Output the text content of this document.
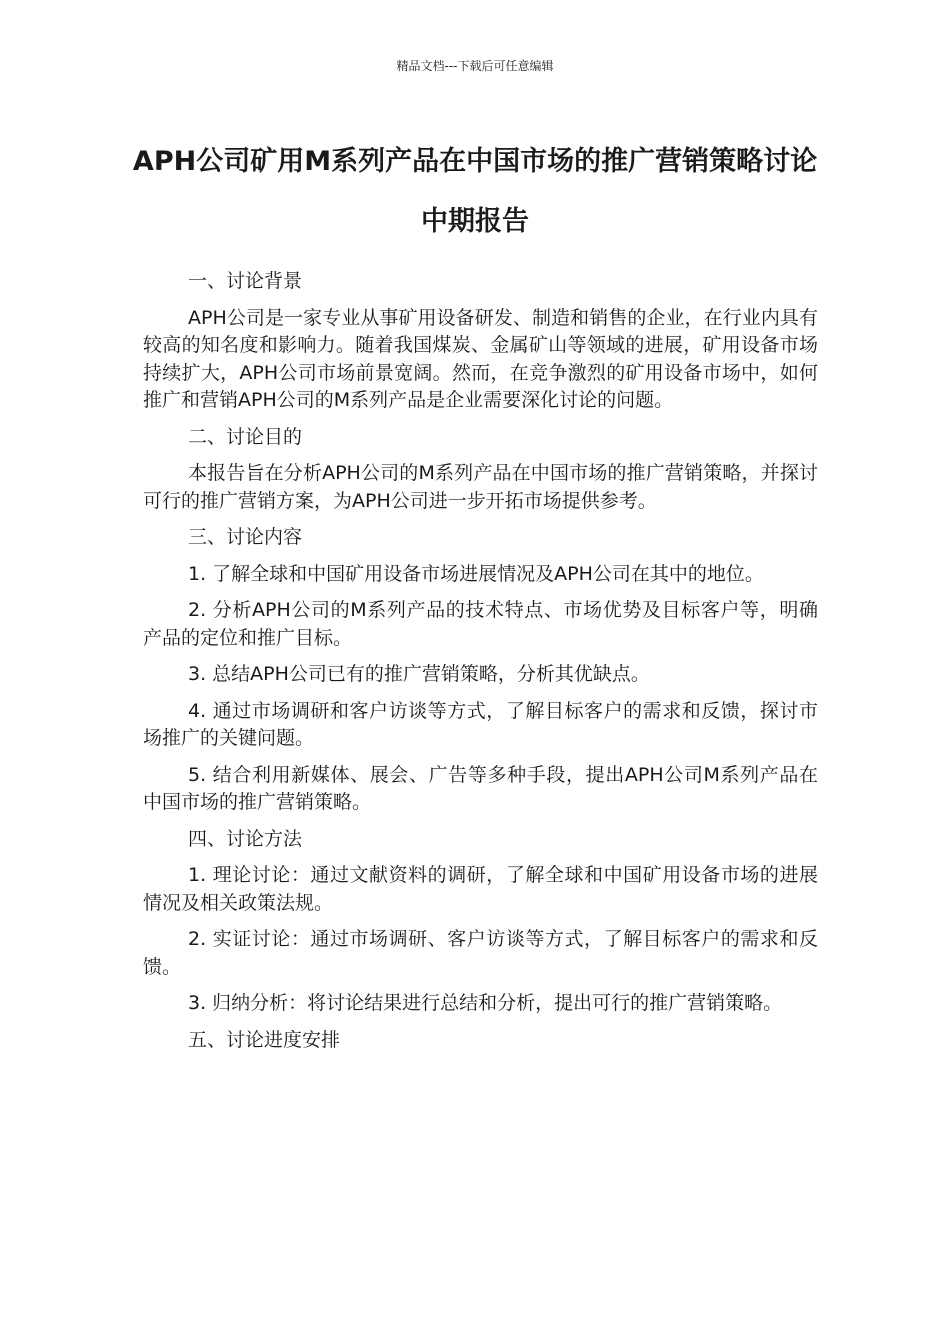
精品文档---下载后可任意编辑
APH公司矿用M系列产品在中国市场的推广营销策略讨论中期报告

一、讨论背景

APH公司是一家专业从事矿用设备研发、制造和销售的企业，在行业内具有较高的知名度和影响力。随着我国煤炭、金属矿山等领域的进展，矿用设备市场持续扩大，APH公司市场前景宽阔。然而，在竞争激烈的矿用设备市场中，如何推广和营销APH公司的M系列产品是企业需要深化讨论的问题。

二、讨论目的

本报告旨在分析APH公司的M系列产品在中国市场的推广营销策略，并探讨可行的推广营销方案，为APH公司进一步开拓市场提供参考。

三、讨论内容

1. 了解全球和中国矿用设备市场进展情况及APH公司在其中的地位。

2. 分析APH公司的M系列产品的技术特点、市场优势及目标客户等，明确产品的定位和推广目标。

3. 总结APH公司已有的推广营销策略，分析其优缺点。

4. 通过市场调研和客户访谈等方式，了解目标客户的需求和反馈，探讨市场推广的关键问题。

5. 结合利用新媒体、展会、广告等多种手段，提出APH公司M系列产品在中国市场的推广营销策略。

四、讨论方法

1. 理论讨论：通过文献资料的调研，了解全球和中国矿用设备市场的进展情况及相关政策法规。

2. 实证讨论：通过市场调研、客户访谈等方式，了解目标客户的需求和反馈。

3. 归纳分析：将讨论结果进行总结和分析，提出可行的推广营销策略。

五、讨论进度安排
